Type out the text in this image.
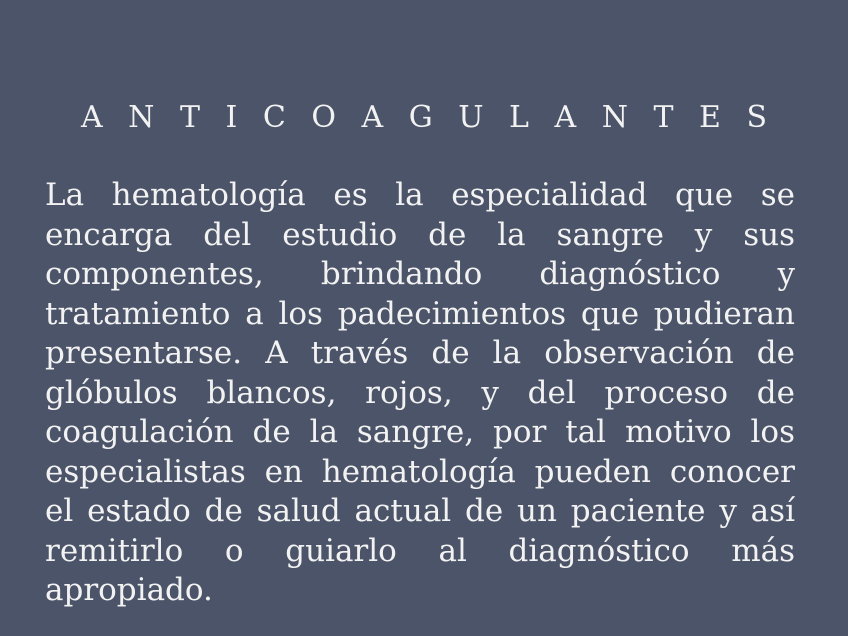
A N T I C O A G U L A N T E S

La hematología es la especialidad que se encarga del estudio de la sangre y sus componentes, brindando diagnóstico y tratamiento a los padecimientos que pudieran presentarse. A través de la observación de glóbulos blancos, rojos, y del proceso de coagulación de la sangre, por tal motivo los especialistas en hematología pueden conocer el estado de salud actual de un paciente y así remitirlo o guiarlo al diagnóstico más apropiado.
